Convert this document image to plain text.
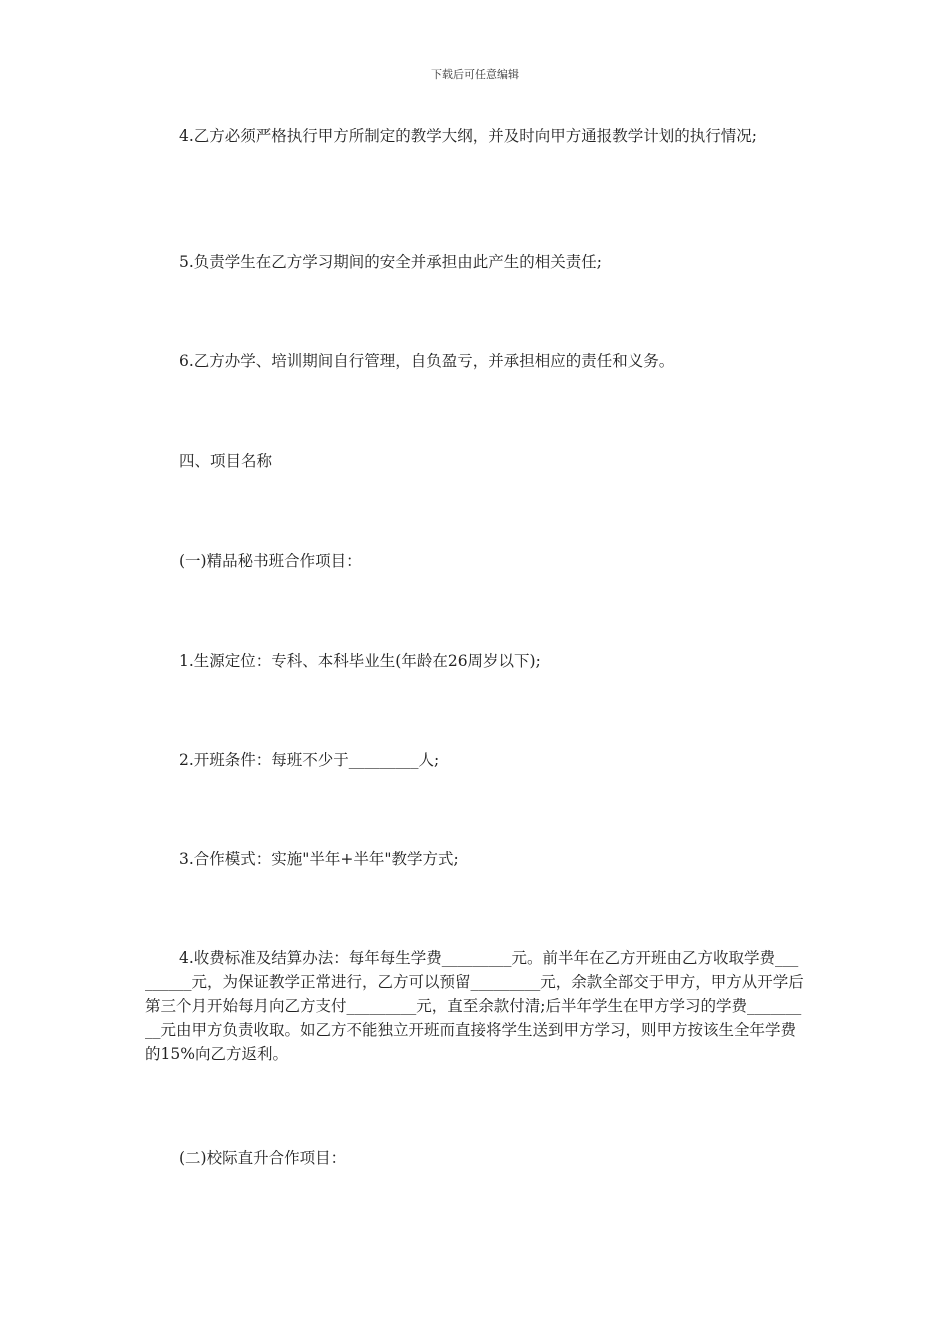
下载后可任意编辑

4.乙方必须严格执行甲方所制定的教学大纲，并及时向甲方通报教学计划的执行情况;

5.负责学生在乙方学习期间的安全并承担由此产生的相关责任;

6.乙方办学、培训期间自行管理，自负盈亏，并承担相应的责任和义务。

四、项目名称

(一)精品秘书班合作项目：

1.生源定位：专科、本科毕业生(年龄在26周岁以下);

2.开班条件：每班不少于_________人;

3.合作模式：实施"半年+半年"教学方式;

4.收费标准及结算办法：每年每生学费_________元。前半年在乙方开班由乙方收取学费_________元，为保证教学正常进行，乙方可以预留_________元，余款全部交于甲方，甲方从开学后第三个月开始每月向乙方支付_________元，直至余款付清;后半年学生在甲方学习的学费_________元由甲方负责收取。如乙方不能独立开班而直接将学生送到甲方学习，则甲方按该生全年学费的15%向乙方返利。

(二)校际直升合作项目：
